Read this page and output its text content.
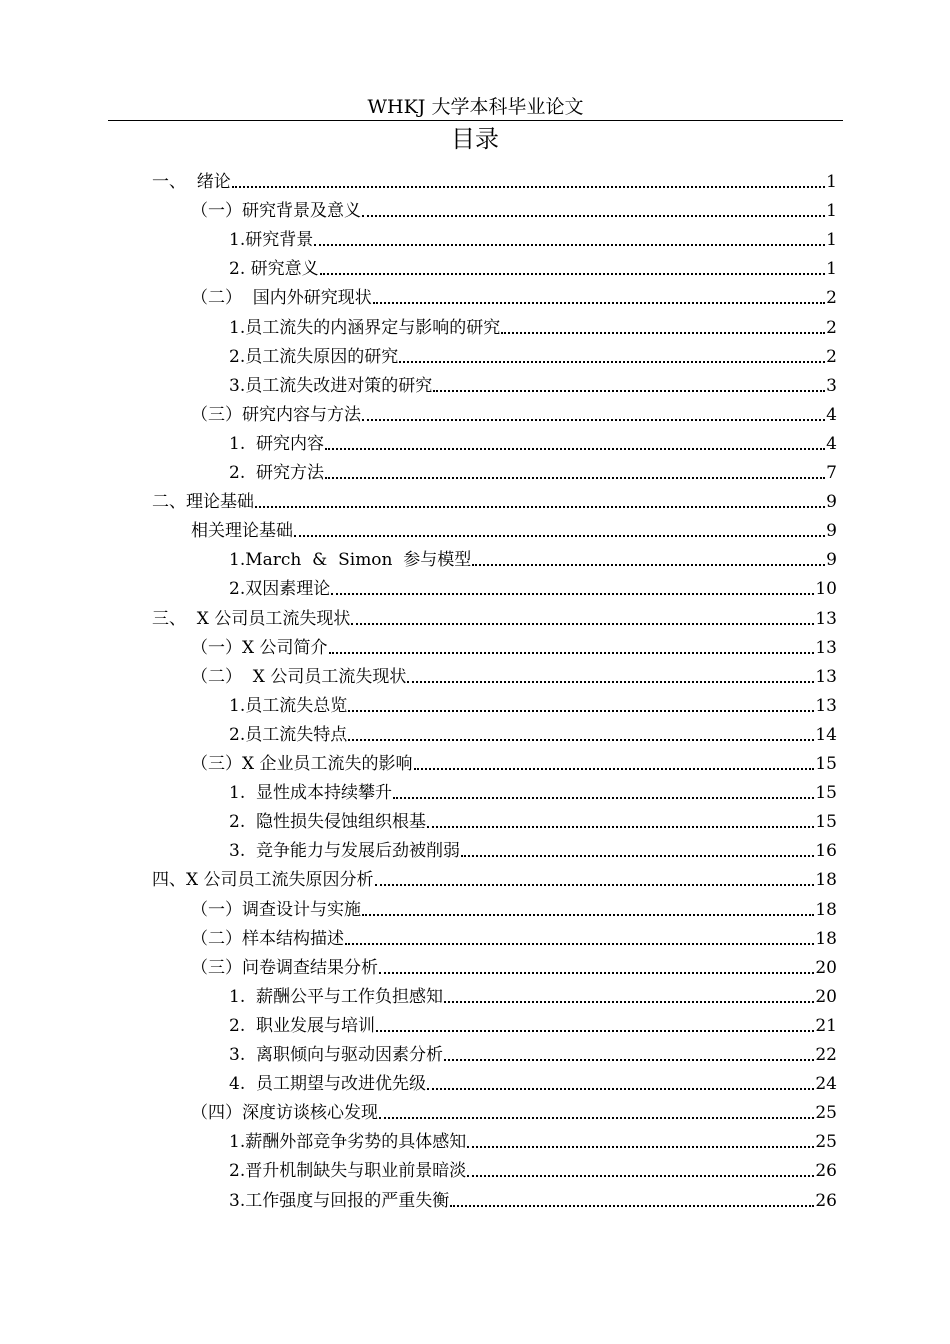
WHKJ 大学本科毕业论文
目录
一、  绪论	1
（一）研究背景及意义	1
1.研究背景	1
2. 研究意义	1
（二）  国内外研究现状	2
1.员工流失的内涵界定与影响的研究	2
2.员工流失原因的研究	2
3.员工流失改进对策的研究	3
（三）研究内容与方法	4
1.  研究内容	4
2.  研究方法	7
二、理论基础	9
相关理论基础	9
1.March  &  Simon  参与模型	9
2.双因素理论	10
三、  X 公司员工流失现状	13
（一）X 公司简介	13
（二）  X 公司员工流失现状	13
1.员工流失总览	13
2.员工流失特点	14
（三）X 企业员工流失的影响	15
1.  显性成本持续攀升	15
2.  隐性损失侵蚀组织根基	15
3.  竞争能力与发展后劲被削弱	16
四、X 公司员工流失原因分析	18
（一）调查设计与实施	18
（二）样本结构描述	18
（三）问卷调查结果分析	20
1.  薪酬公平与工作负担感知	20
2.  职业发展与培训	21
3.  离职倾向与驱动因素分析	22
4.  员工期望与改进优先级	24
（四）深度访谈核心发现	25
1.薪酬外部竞争劣势的具体感知	25
2.晋升机制缺失与职业前景暗淡	26
3.工作强度与回报的严重失衡	26
